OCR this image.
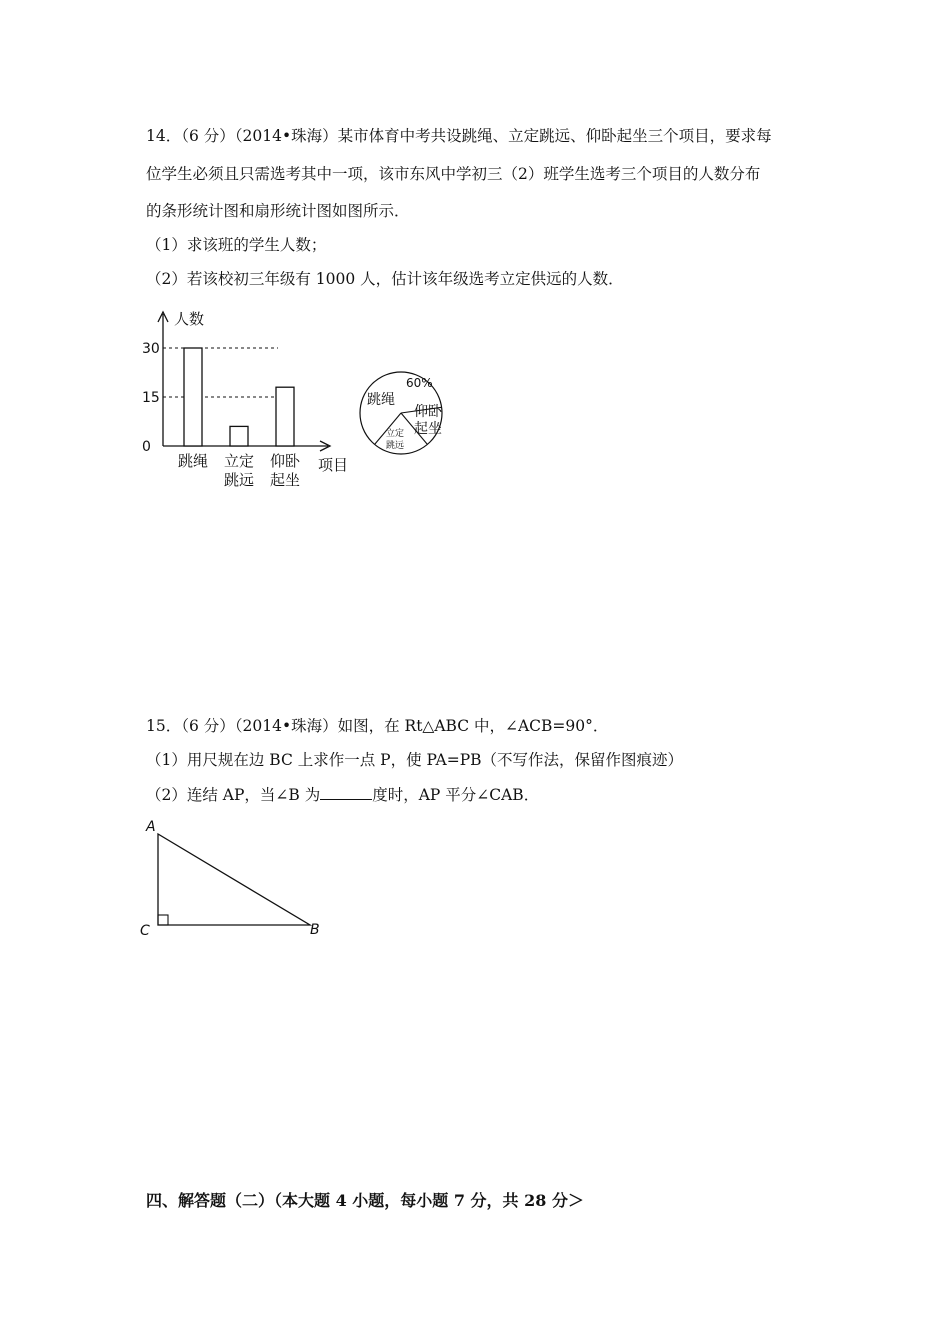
14．（6 分）（2014•珠海）某市体育中考共设跳绳、立定跳远、仰卧起坐三个项目，要求每
位学生必须且只需选考其中一项，该市东风中学初三（2）班学生选考三个项目的人数分布
的条形统计图和扇形统计图如图所示．
（1）求该班的学生人数；
（2）若该校初三年级有 1000 人，估计该年级选考立定供远的人数．
人数
项目
30
15
0
跳绳 立定
跳远
仰卧
起坐
60%
跳绳
仰卧
起坐
立定
跳远
15．（6 分）（2014•珠海）如图，在 Rt△ABC 中，∠ACB=90°．
（1）用尺规在边 BC 上求作一点 P，使 PA=PB（不写作法，保留作图痕迹）
（2）连结 AP，当∠B 为	度时，AP 平分∠CAB．
A
C	B
四、解答题（二）（本大题 4 小题，每小题 7 分，共 28 分＞
